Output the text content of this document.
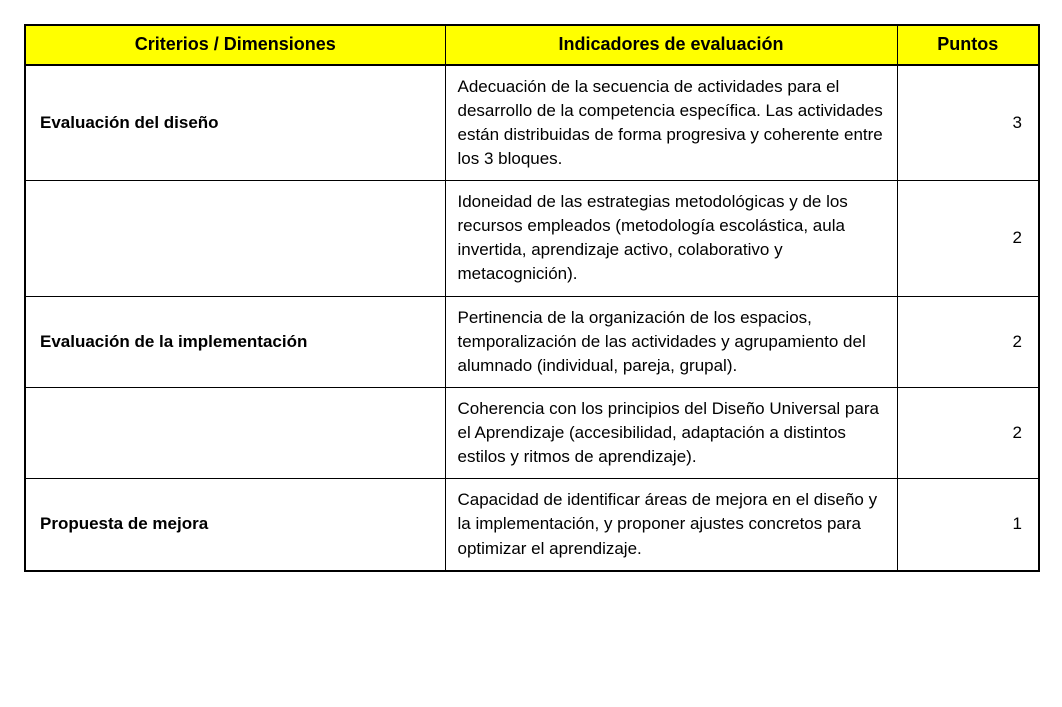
Criterios / Dimensiones	Indicadores de evaluación	Puntos
Evaluación del diseño	Adecuación de la secuencia de actividades para el desarrollo de la competencia específica. Las actividades están distribuidas de forma progresiva y coherente entre los 3 bloques.	3
	Idoneidad de las estrategias metodológicas y de los recursos empleados (metodología escolástica, aula invertida, aprendizaje activo, colaborativo y metacognición).	2
Evaluación de la implementación	Pertinencia de la organización de los espacios, temporalización de las actividades y agrupamiento del alumnado (individual, pareja, grupal).	2
	Coherencia con los principios del Diseño Universal para el Aprendizaje (accesibilidad, adaptación a distintos estilos y ritmos de aprendizaje).	2
Propuesta de mejora	Capacidad de identificar áreas de mejora en el diseño y la implementación, y proponer ajustes concretos para optimizar el aprendizaje.	1
